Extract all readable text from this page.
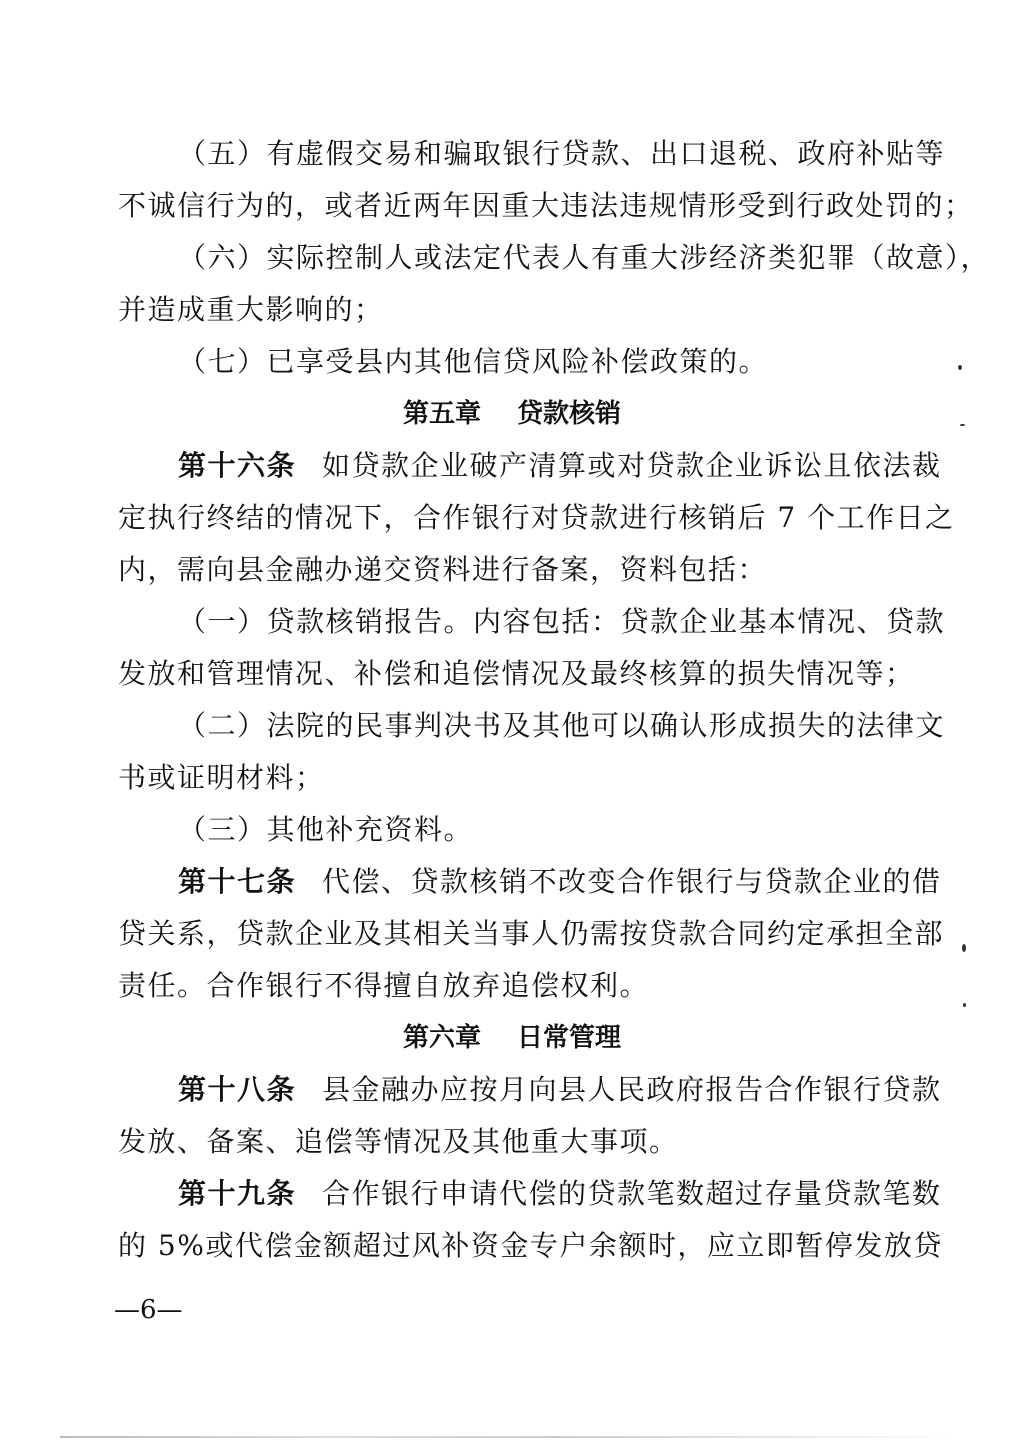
（五）有虚假交易和骗取银行贷款、出口退税、政府补贴等
不诚信行为的，或者近两年因重大违法违规情形受到行政处罚的；
（六）实际控制人或法定代表人有重大涉经济类犯罪（故意），
并造成重大影响的；
（七）已享受县内其他信贷风险补偿政策的。
第五章 贷款核销
第十六条 如贷款企业破产清算或对贷款企业诉讼且依法裁
定执行终结的情况下，合作银行对贷款进行核销后 7 个工作日之
内，需向县金融办递交资料进行备案，资料包括：
（一）贷款核销报告。内容包括：贷款企业基本情况、贷款
发放和管理情况、补偿和追偿情况及最终核算的损失情况等；
（二）法院的民事判决书及其他可以确认形成损失的法律文
书或证明材料；
（三）其他补充资料。
第十七条 代偿、贷款核销不改变合作银行与贷款企业的借
贷关系，贷款企业及其相关当事人仍需按贷款合同约定承担全部
责任。合作银行不得擅自放弃追偿权利。
第六章 日常管理
第十八条 县金融办应按月向县人民政府报告合作银行贷款
发放、备案、追偿等情况及其他重大事项。
第十九条 合作银行申请代偿的贷款笔数超过存量贷款笔数
的 5%或代偿金额超过风补资金专户余额时，应立即暂停发放贷
—6—
